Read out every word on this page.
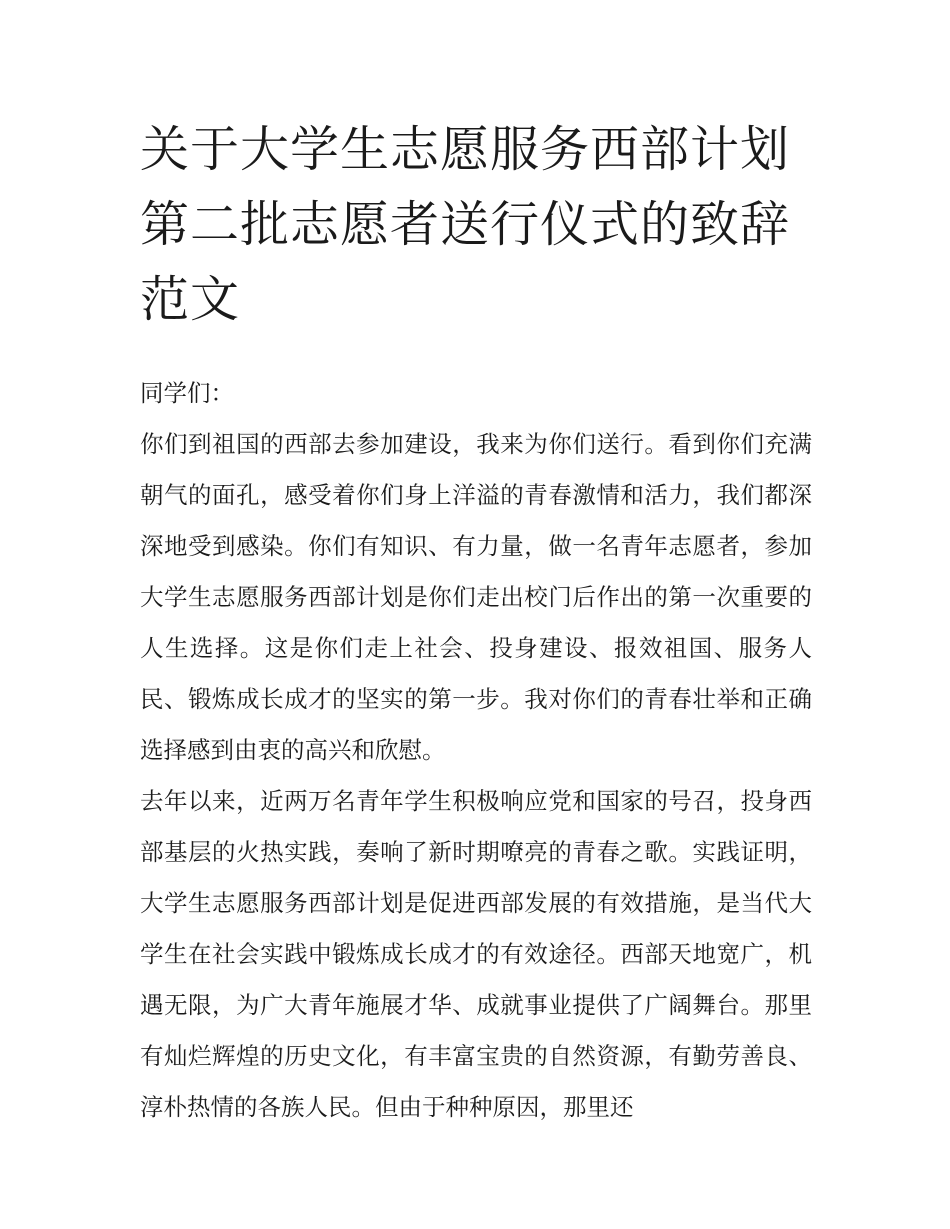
关于大学生志愿服务西部计划第二批志愿者送行仪式的致辞范文

同学们：

你们到祖国的西部去参加建设，我来为你们送行。看到你们充满朝气的面孔，感受着你们身上洋溢的青春激情和活力，我们都深深地受到感染。你们有知识、有力量，做一名青年志愿者，参加大学生志愿服务西部计划是你们走出校门后作出的第一次重要的人生选择。这是你们走上社会、投身建设、报效祖国、服务人民、锻炼成长成才的坚实的第一步。我对你们的青春壮举和正确选择感到由衷的高兴和欣慰。

去年以来，近两万名青年学生积极响应党和国家的号召，投身西部基层的火热实践，奏响了新时期嘹亮的青春之歌。实践证明，大学生志愿服务西部计划是促进西部发展的有效措施，是当代大学生在社会实践中锻炼成长成才的有效途径。西部天地宽广，机遇无限，为广大青年施展才华、成就事业提供了广阔舞台。那里有灿烂辉煌的历史文化，有丰富宝贵的自然资源，有勤劳善良、淳朴热情的各族人民。但由于种种原因，那里还
